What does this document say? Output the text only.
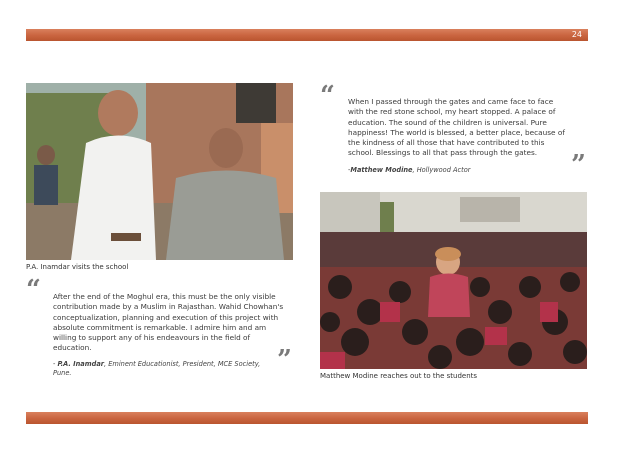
24
P.A. Inamdar visits the school
“ After the end of the Moghul era, this must be the only visible contribution made by a Muslim in Rajasthan. Wahid Chowhan's conceptualization, planning and execution of this project with absolute commitment is remarkable. I admire him and am willing to support any of his endeavours in the field of education.
- P.A. Inamdar, Eminent Educationist, President, MCE Society, Pune.	”
“ When I passed through the gates and came face to face with the red stone school, my heart stopped. A palace of education. The sound of the children is universal. Pure happiness! The world is blessed, a better place, because of the kindness of all those that have contributed to this school. Blessings to all that pass through the gates.
-Matthew Modine, Hollywood Actor	”
Matthew Modine reaches out to the students
